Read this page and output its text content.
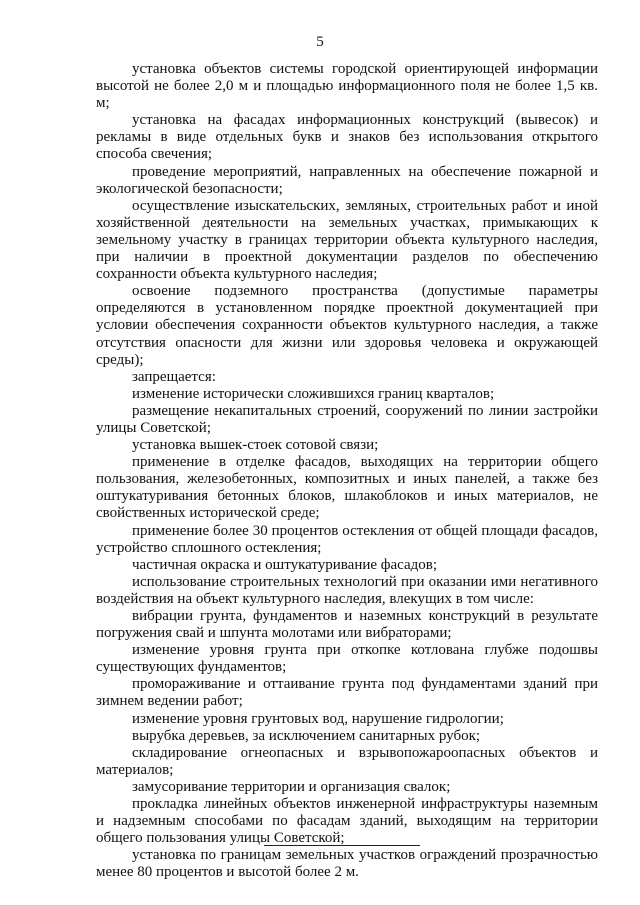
5

установка объектов системы городской ориентирующей информации высотой не более 2,0 м и площадью информационного поля не более 1,5 кв. м;

установка на фасадах информационных конструкций (вывесок) и рекламы в виде отдельных букв и знаков без использования открытого способа свечения;

проведение мероприятий, направленных на обеспечение пожарной и экологической безопасности;

осуществление изыскательских, земляных, строительных работ и иной хозяйственной деятельности на земельных участках, примыкающих к земельному участку в границах территории объекта культурного наследия, при наличии в проектной документации разделов по обеспечению сохранности объекта культурного наследия;

освоение подземного пространства (допустимые параметры определяются в установленном порядке проектной документацией при условии обеспечения сохранности объектов культурного наследия, а также отсутствия опасности для жизни или здоровья человека и окружающей среды);

запрещается:

изменение исторически сложившихся границ кварталов;

размещение некапитальных строений, сооружений по линии застройки улицы Советской;

установка вышек-стоек сотовой связи;

применение в отделке фасадов, выходящих на территории общего пользования, железобетонных, композитных и иных панелей, а также без оштукатуривания бетонных блоков, шлакоблоков и иных материалов, не свойственных исторической среде;

применение более 30 процентов остекления от общей площади фасадов, устройство сплошного остекления;

частичная окраска и оштукатуривание фасадов;

использование строительных технологий при оказании ими негативного воздействия на объект культурного наследия, влекущих в том числе:

вибрации грунта, фундаментов и наземных конструкций в результате погружения свай и шпунта молотами или вибраторами;

изменение уровня грунта при откопке котлована глубже подошвы существующих фундаментов;

промораживание и оттаивание грунта под фундаментами зданий при зимнем ведении работ;

изменение уровня грунтовых вод, нарушение гидрологии;

вырубка деревьев, за исключением санитарных рубок;

складирование огнеопасных и взрывопожароопасных объектов и материалов;

замусоривание территории и организация свалок;

прокладка линейных объектов инженерной инфраструктуры наземным и надземным способами по фасадам зданий, выходящим на территории общего пользования улицы Советской;

установка по границам земельных участков ограждений прозрачностью менее 80 процентов и высотой более 2 м.
